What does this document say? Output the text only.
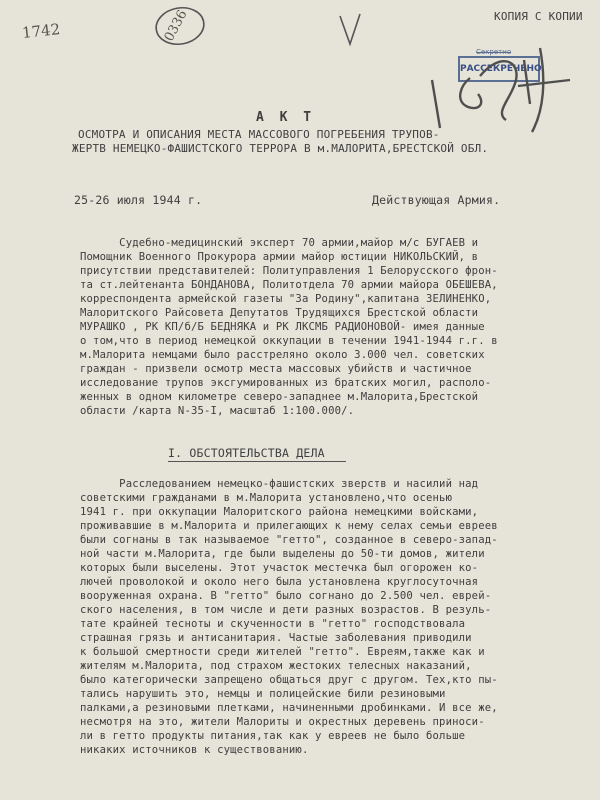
1742	0336	КОПИЯ С КОПИИ
Секретно
РАССЕКРЕЧЕНО
А К Т
ОСМОТРА И ОПИСАНИЯ МЕСТА МАССОВОГО ПОГРЕБЕНИЯ ТРУПОВ-
ЖЕРТВ НЕМЕЦКО-ФАШИСТСКОГО ТЕРРОРА В м.МАЛОРИТА,БРЕСТСКОЙ ОБЛ.
25-26 июля 1944 г.	Действующая Армия.
Судебно-медицинский эксперт 70 армии,майор м/с БУГАЕВ и
Помощник Военного Прокурора армии майор юстиции НИКОЛЬСКИЙ, в
присутствии представителей: Политуправления 1 Белорусского фрон-
та ст.лейтенанта БОНДАНОВА, Политотдела 70 армии майора ОБЕШЕВА,
корреспондента армейской газеты "За Родину",капитана ЗЕЛИНЕНКО,
Малоритского Райсовета Депутатов Трудящихся Брестской области
МУРАШКО , РК КП/б/Б БЕДНЯКА и РК ЛКСМБ РАДИОНОВОЙ- имея данные
о том,что в период немецкой оккупации в течении 1941-1944 г.г. в
м.Малорита немцами было расстреляно около 3.000 чел. советских
граждан - призвели осмотр места массовых убийств и частичное
исследование трупов эксгумированных из братских могил, располо-
женных в одном километре северо-западнее м.Малорита,Брестской
области /карта N-35-I, масштаб 1:100.000/.
I. ОБСТОЯТЕЛЬСТВА ДЕЛА
Расследованием немецко-фашистских зверств и насилий над
советскими гражданами в м.Малорита установлено,что осенью
1941 г. при оккупации Малоритского района немецкими войсками,
проживавшие в м.Малорита и прилегающих к нему селах семьи евреев
были согнаны в так называемое "гетто", созданное в северо-запад-
ной части м.Малорита, где были выделены до 50-ти домов, жители
которых были выселены. Этот участок местечка был огорожен ко-
лючей проволокой и около него была установлена круглосуточная
вооруженная охрана. В "гетто" было согнано до 2.500 чел. еврей-
ского населения, в том числе и дети разных возрастов. В резуль-
тате крайней тесноты и скученности в "гетто" господствовала
страшная грязь и антисанитария. Частые заболевания приводили
к большой смертности среди жителей "гетто". Евреям,также как и
жителям м.Малорита, под страхом жестоких телесных наказаний,
было категорически запрещено общаться друг с другом. Тех,кто пы-
тались нарушить это, немцы и полицейские били резиновыми
палками,а резиновыми плетками, начиненными дробинками. И все же,
несмотря на это, жители Малориты и окрестных деревень приноси-
ли в гетто продукты питания,так как у евреев не было больше
никаких источников к существованию.
